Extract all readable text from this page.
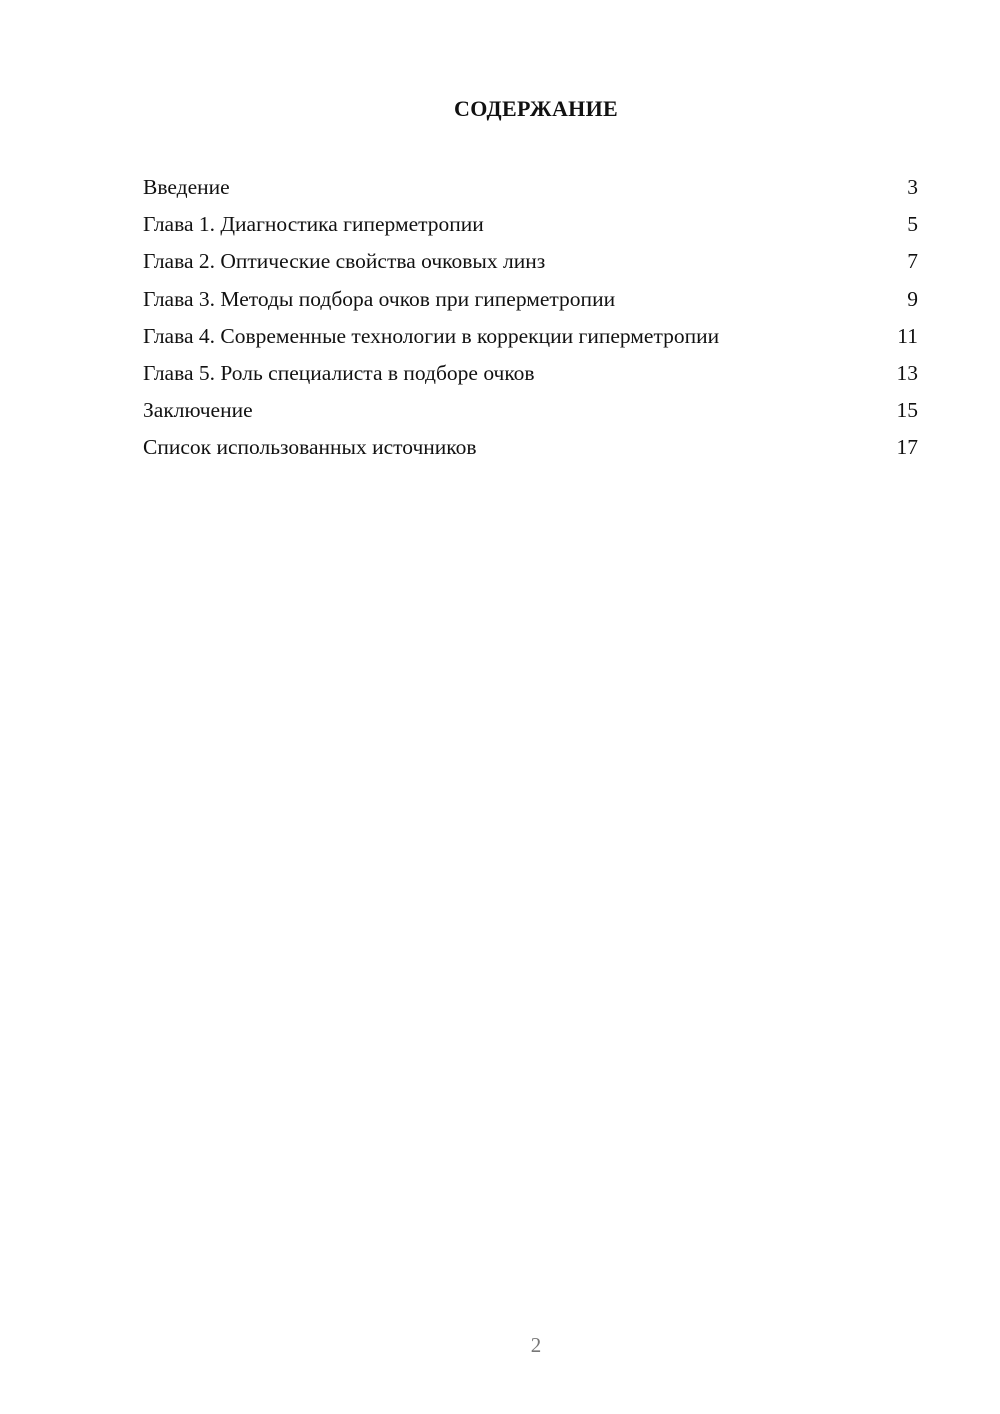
СОДЕРЖАНИЕ
Введение	3
Глава 1. Диагностика гиперметропии	5
Глава 2. Оптические свойства очковых линз	7
Глава 3. Методы подбора очков при гиперметропии	9
Глава 4. Современные технологии в коррекции гиперметропии	11
Глава 5. Роль специалиста в подборе очков	13
Заключение	15
Список использованных источников	17

2
